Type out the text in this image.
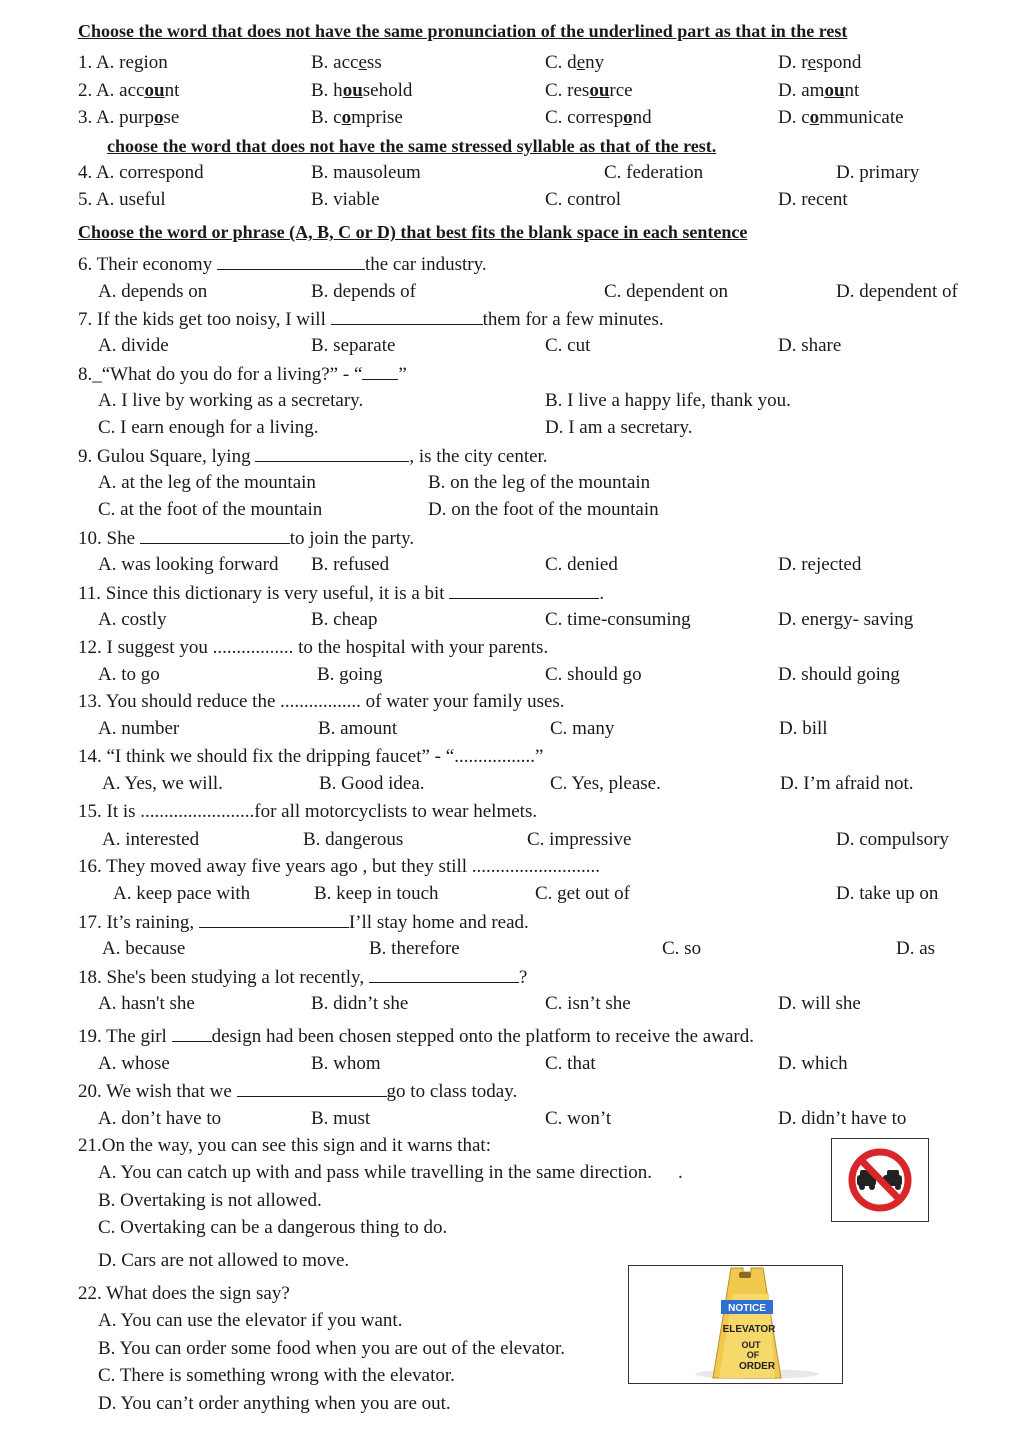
Choose the word that does not have the same pronunciation of the underlined part as that in the rest
1. A. region	B. access	C. deny	D. respond
2. A. account	B. household	C. resource	D. amount
3. A. purpose	B. comprise	C. correspond	D. communicate
choose the word that does not have the same stressed syllable as that of the rest.
4. A. correspond	B. mausoleum	C. federation	D. primary
5. A. useful	B. viable	C. control	D. recent
Choose the word or phrase (A, B, C or D) that best fits the blank space in each sentence
6. Their economy	the car industry.
A. depends on	B. depends of	C. dependent on	D. dependent of
7. If the kids get too noisy, I will	them for a few minutes.
A. divide	B. separate	C. cut	D. share
8._“What do you do for a living?” - “ ”
A. I live by working as a secretary.	B. I live a happy life, thank you.
C. I earn enough for a living.	D. I am a secretary.
9. Gulou Square, lying	, is the city center.
A. at the leg of the mountain	B. on the leg of the mountain
C. at the foot of the mountain	D. on the foot of the mountain
10. She	to join the party.
A. was looking forward B. refused	C. denied	D. rejected
11. Since this dictionary is very useful, it is a bit	.
A. costly	B. cheap	C. time-consuming	D. energy- saving
12. I suggest you ................. to the hospital with your parents.
A. to go	B. going	C. should go	D. should going
13. You should reduce the ................. of water your family uses.
A. number	B. amount	C. many	D. bill
14. “I think we should fix the dripping faucet” - “.................”
A. Yes, we will.	B. Good idea.	C. Yes, please.	D. I’m afraid not.
15. It is ........................for all motorcyclists to wear helmets.
A. interested	B. dangerous	C. impressive	D. compulsory
16. They moved away five years ago , but they still ...........................
A. keep pace with	B. keep in touch	C. get out of	D. take up on
17. It’s raining,	I’ll stay home and read.
A. because	B. therefore	C. so	D. as
18. She's been studying a lot recently,	?
A. hasn't she	B. didn’t she	C. isn’t she	D. will she
19. The girl design had been chosen stepped onto the platform to receive the award.
A. whose	B. whom	C. that	D. which
20. We wish that we	go to class today.
A. don’t have to	B. must	C. won’t	D. didn’t have to
21.On the way, you can see this sign and it warns that:
A. You can catch up with and pass while travelling in the same direction. .
B. Overtaking is not allowed.
C. Overtaking can be a dangerous thing to do.
D. Cars are not allowed to move.
22. What does the sign say?
A. You can use the elevator if you want.
B. You can order some food when you are out of the elevator.
C. There is something wrong with the elevator.
D. You can’t order anything when you are out.
NOTICE
ELEVATOR
OUT
OF
ORDER
